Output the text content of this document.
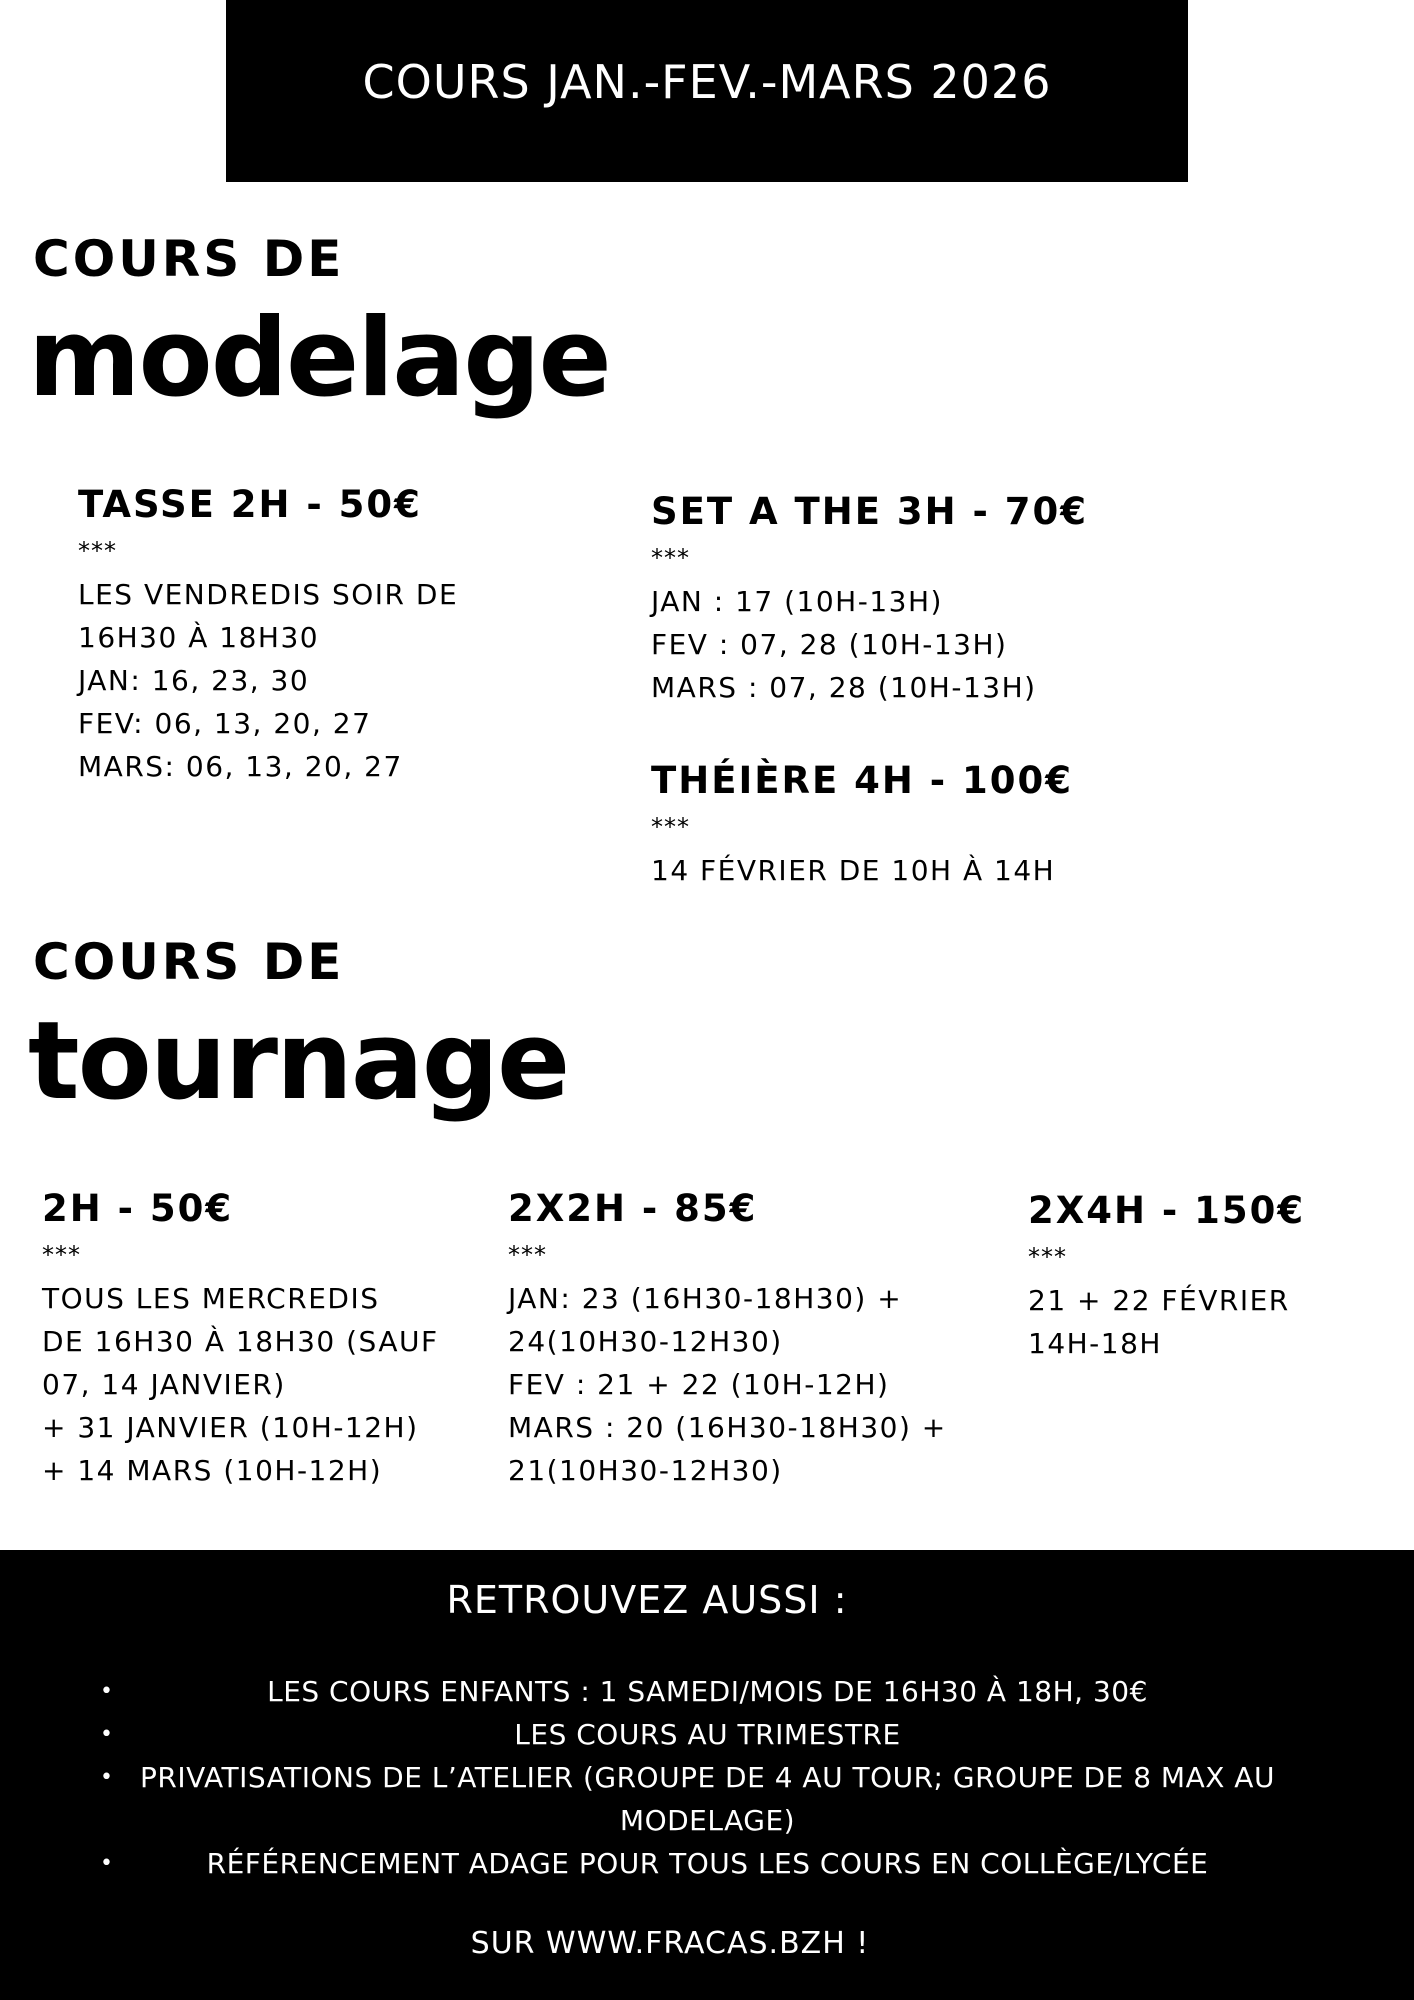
COURS JAN.-FEV.-MARS 2026
COURS DE
modelage
TASSE 2H - 50€
***
LES VENDREDIS SOIR DE
16H30 À 18H30
JAN: 16, 23, 30
FEV: 06, 13, 20, 27
MARS: 06, 13, 20, 27
SET A THE 3H - 70€
***
JAN : 17 (10H-13H)
FEV : 07, 28 (10H-13H)
MARS : 07, 28 (10H-13H)
THÉIÈRE 4H - 100€
***
14 FÉVRIER DE 10H À 14H
COURS DE
tournage
2H - 50€
***
TOUS LES MERCREDIS
DE 16H30 À 18H30 (SAUF
07, 14 JANVIER)
+ 31 JANVIER (10H-12H)
+ 14 MARS (10H-12H)
2X2H - 85€
***
JAN: 23 (16H30-18H30) +
24(10H30-12H30)
FEV : 21 + 22 (10H-12H)
MARS : 20 (16H30-18H30) +
21(10H30-12H30)
2X4H - 150€
***
21 + 22 FÉVRIER
14H-18H
RETROUVEZ AUSSI :
•	LES COURS ENFANTS : 1 SAMEDI/MOIS DE 16H30 À 18H, 30€
•	LES COURS AU TRIMESTRE
• PRIVATISATIONS DE L’ATELIER (GROUPE DE 4 AU TOUR; GROUPE DE 8 MAX AU MODELAGE)
•	RÉFÉRENCEMENT ADAGE POUR TOUS LES COURS EN COLLÈGE/LYCÉE
SUR WWW.FRACAS.BZH !
